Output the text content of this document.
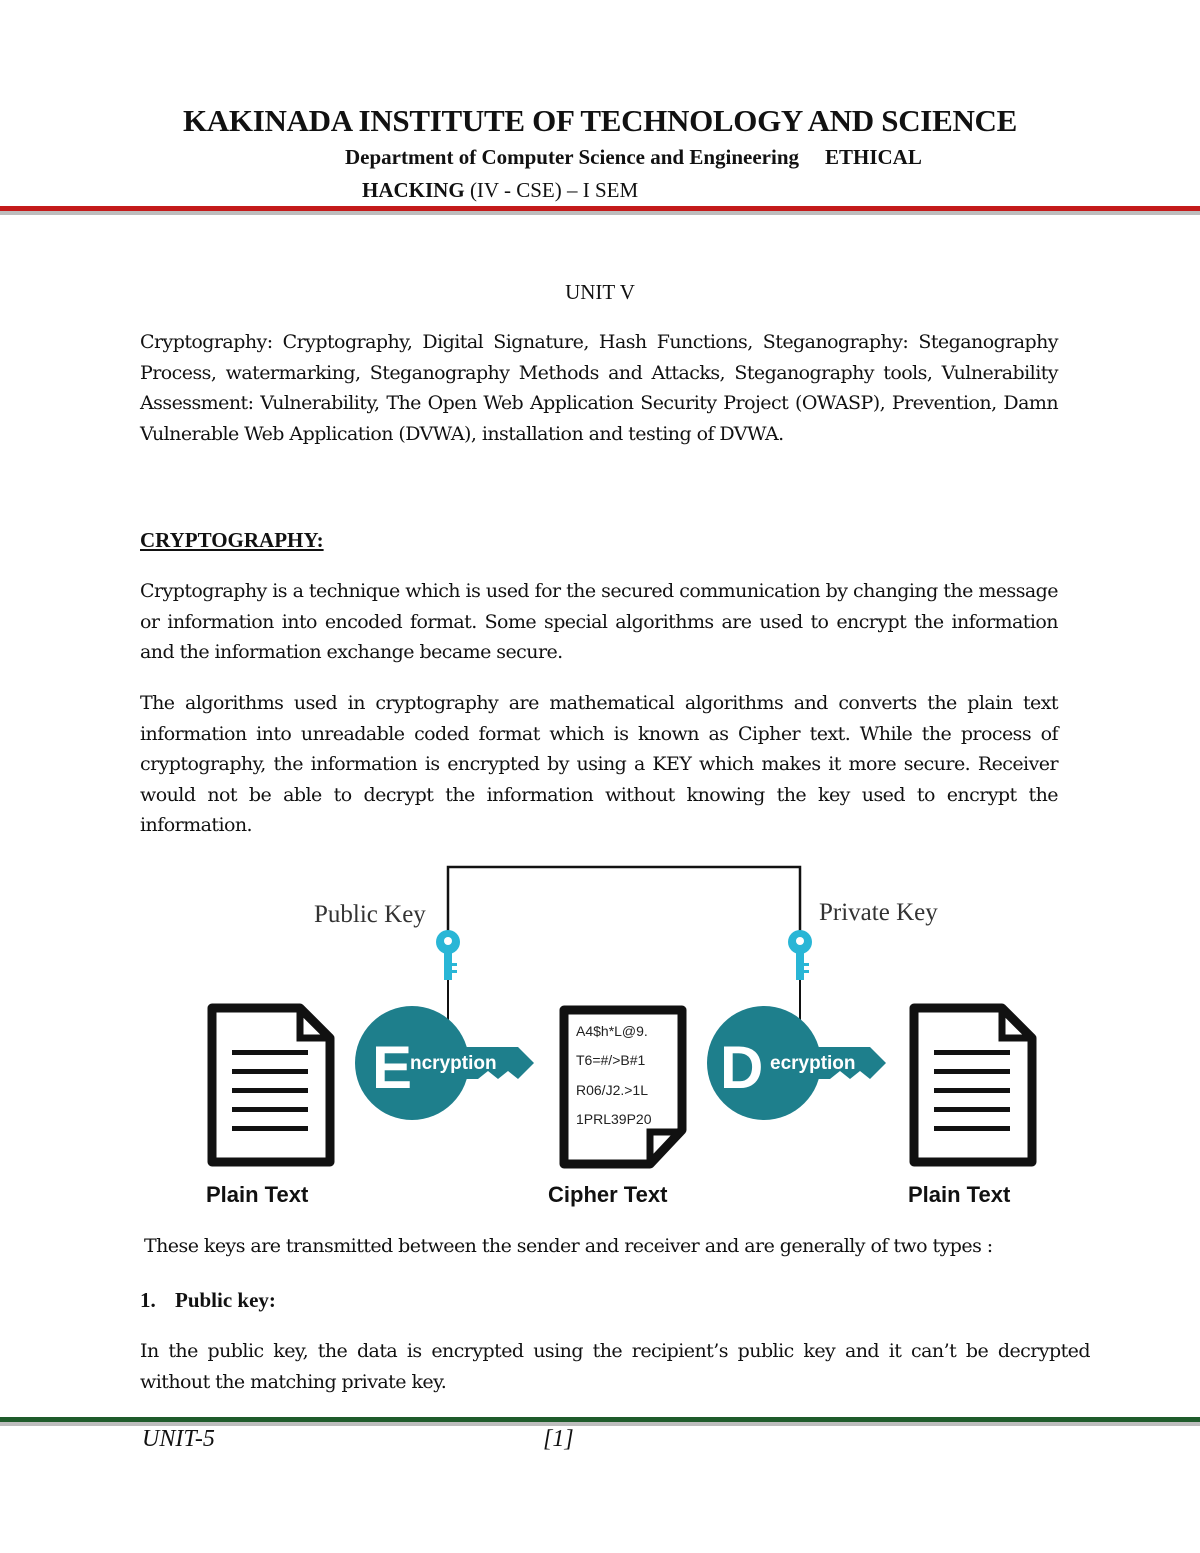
KAKINADA INSTITUTE OF TECHNOLOGY AND SCIENCE
Department of Computer Science and Engineering ETHICAL
HACKING (IV - CSE) – I SEM
UNIT V
Cryptography: Cryptography, Digital Signature, Hash Functions, Steganography: Steganography Process, watermarking, Steganography Methods and Attacks, Steganography tools, Vulnerability Assessment: Vulnerability, The Open Web Application Security Project (OWASP), Prevention, Damn Vulnerable Web Application (DVWA), installation and testing of DVWA.
CRYPTOGRAPHY:
Cryptography is a technique which is used for the secured communication by changing the message or information into encoded format. Some special algorithms are used to encrypt the information and the information exchange became secure.
The algorithms used in cryptography are mathematical algorithms and converts the plain text information into unreadable coded format which is known as Cipher text. While the process of cryptography, the information is encrypted by using a KEY which makes it more secure. Receiver would not be able to decrypt the information without knowing the key used to encrypt the information.
Public Key	Private Key
Plain Text
E
ncryption
A4$h*L@9.
T6=#/>B#1
R06/J2.>1L
1PRL39P20
Cipher Text
D ecryption
Plain Text
These keys are transmitted between the sender and receiver and are generally of two types :
1. Public key:
In the public key, the data is encrypted using the recipient’s public key and it can’t be decrypted without the matching private key.
UNIT-5	[1]
